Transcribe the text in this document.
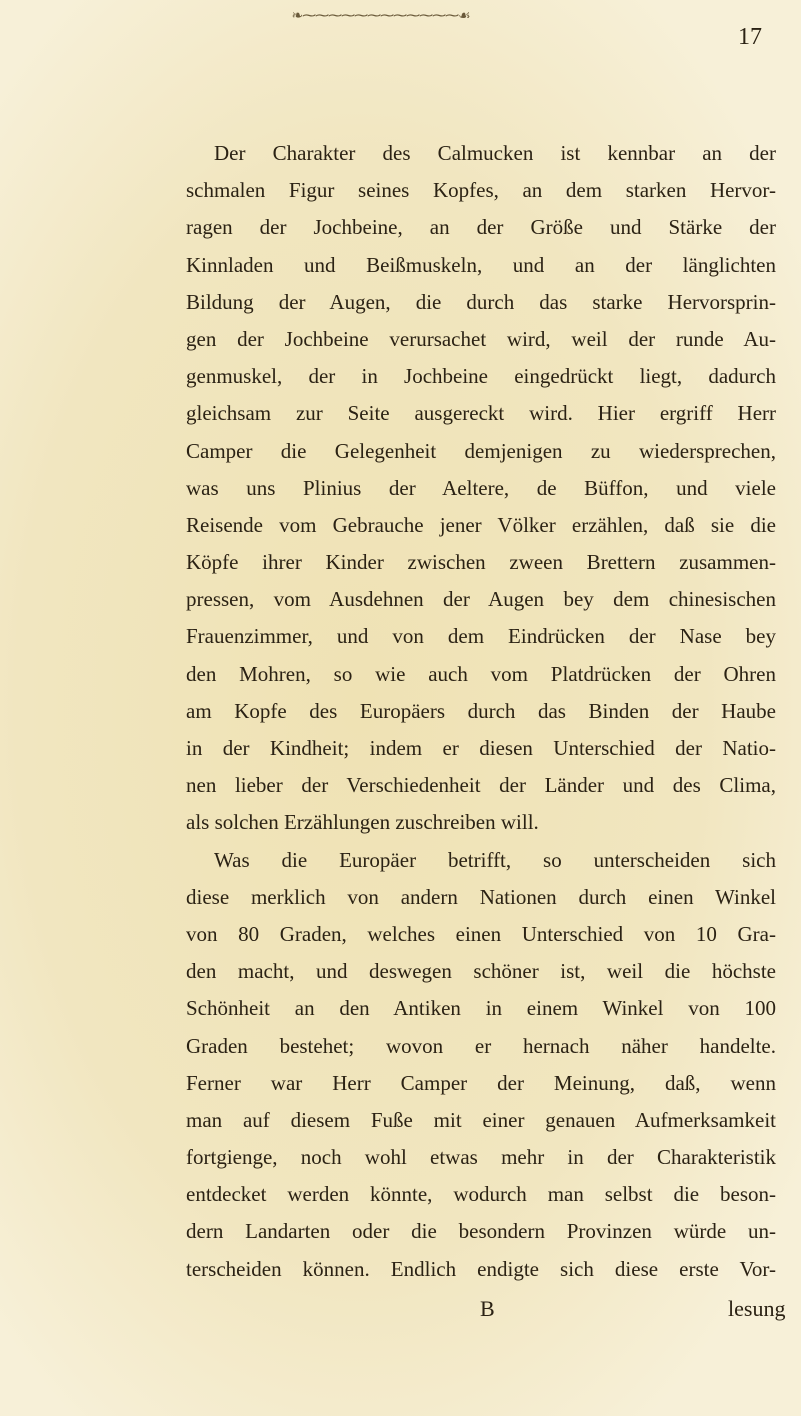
❧⁓⁓⁓⁓⁓⁓⁓⁓⁓⁓⁓⁓☙
17
Der Charakter des Calmucken ist kennbar an der
schmalen Figur seines Kopfes, an dem starken Hervor-
ragen der Jochbeine, an der Größe und Stärke der
Kinnladen und Beißmuskeln, und an der länglichten
Bildung der Augen, die durch das starke Hervorsprin-
gen der Jochbeine verursachet wird, weil der runde Au-
genmuskel, der in Jochbeine eingedrückt liegt, dadurch
gleichsam zur Seite ausgereckt wird. Hier ergriff Herr
Camper die Gelegenheit demjenigen zu wiedersprechen,
was uns Plinius der Aeltere, de Büffon, und viele
Reisende vom Gebrauche jener Völker erzählen, daß sie die
Köpfe ihrer Kinder zwischen zween Brettern zusammen-
pressen, vom Ausdehnen der Augen bey dem chinesischen
Frauenzimmer, und von dem Eindrücken der Nase bey
den Mohren, so wie auch vom Platdrücken der Ohren
am Kopfe des Europäers durch das Binden der Haube
in der Kindheit; indem er diesen Unterschied der Natio-
nen lieber der Verschiedenheit der Länder und des Clima,
als solchen Erzählungen zuschreiben will.
Was die Europäer betrifft, so unterscheiden sich
diese merklich von andern Nationen durch einen Winkel
von 80 Graden, welches einen Unterschied von 10 Gra-
den macht, und deswegen schöner ist, weil die höchste
Schönheit an den Antiken in einem Winkel von 100
Graden bestehet; wovon er hernach näher handelte.
Ferner war Herr Camper der Meinung, daß, wenn
man auf diesem Fuße mit einer genauen Aufmerksamkeit
fortgienge, noch wohl etwas mehr in der Charakteristik
entdecket werden könnte, wodurch man selbst die beson-
dern Landarten oder die besondern Provinzen würde un-
terscheiden können. Endlich endigte sich diese erste Vor-
B	lesung
